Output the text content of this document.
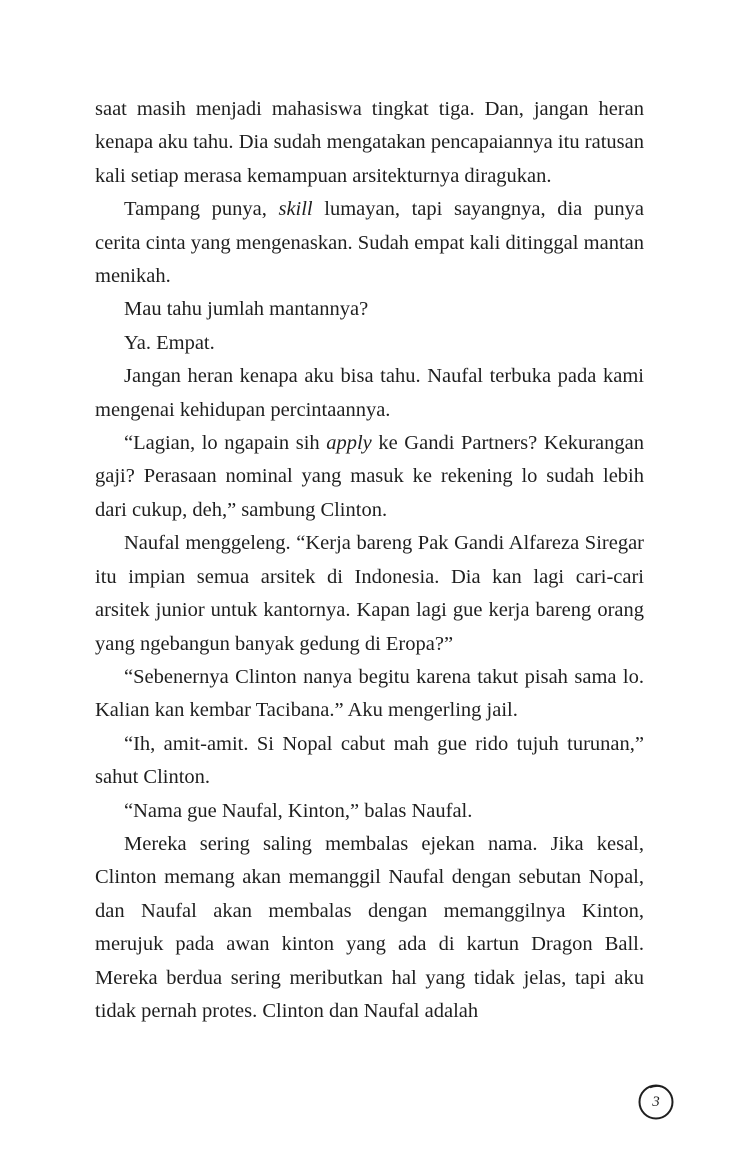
saat masih menjadi mahasiswa tingkat tiga. Dan, jangan heran kenapa aku tahu. Dia sudah mengatakan pencapaiannya itu ratusan kali setiap merasa kemampuan arsitekturnya diragukan.

Tampang punya, skill lumayan, tapi sayangnya, dia punya cerita cinta yang mengenaskan. Sudah empat kali ditinggal mantan menikah.

Mau tahu jumlah mantannya?

Ya. Empat.

Jangan heran kenapa aku bisa tahu. Naufal terbuka pada kami mengenai kehidupan percintaannya.

“Lagian, lo ngapain sih apply ke Gandi Partners? Kekurangan gaji? Perasaan nominal yang masuk ke rekening lo sudah lebih dari cukup, deh,” sambung Clinton.

Naufal menggeleng. “Kerja bareng Pak Gandi Alfareza Siregar itu impian semua arsitek di Indonesia. Dia kan lagi cari-cari arsitek junior untuk kantornya. Kapan lagi gue kerja bareng orang yang ngebangun banyak gedung di Eropa?”

“Sebenernya Clinton nanya begitu karena takut pisah sama lo. Kalian kan kembar Tacibana.” Aku mengerling jail.

“Ih, amit-amit. Si Nopal cabut mah gue rido tujuh turunan,” sahut Clinton.

“Nama gue Naufal, Kinton,” balas Naufal.

Mereka sering saling membalas ejekan nama. Jika kesal, Clinton memang akan memanggil Naufal dengan sebutan Nopal, dan Naufal akan membalas dengan memanggilnya Kinton, merujuk pada awan kinton yang ada di kartun Dragon Ball. Mereka berdua sering meributkan hal yang tidak jelas, tapi aku tidak pernah protes. Clinton dan Naufal adalah

3
